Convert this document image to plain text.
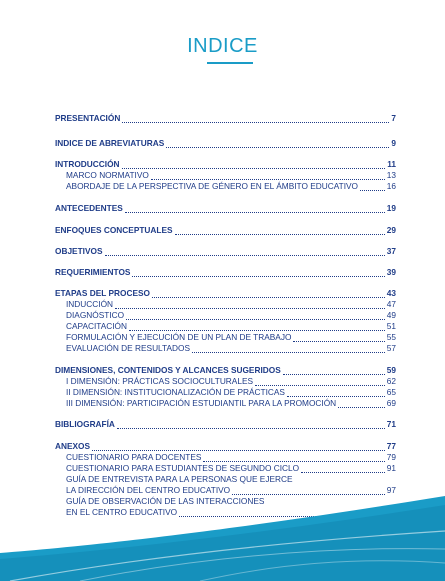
INDICE
PRESENTACIÓN	7
INDICE DE ABREVIATURAS	9
INTRODUCCIÓN	11
MARCO NORMATIVO	13
ABORDAJE DE LA PERSPECTIVA DE GÉNERO EN EL ÁMBITO EDUCATIVO	16
ANTECEDENTES	19
ENFOQUES CONCEPTUALES	29
OBJETIVOS	37
REQUERIMIENTOS	39
ETAPAS DEL PROCESO	43
INDUCCIÓN	47
DIAGNÓSTICO	49
CAPACITACIÓN	51
FORMULACIÓN Y EJECUCIÓN DE UN PLAN DE TRABAJO	55
EVALUACIÓN DE RESULTADOS	57
DIMENSIONES, CONTENIDOS Y ALCANCES SUGERIDOS	59
I DIMENSIÓN: PRÁCTICAS SOCIOCULTURALES	62
II DIMENSIÓN: INSTITUCIONALIZACIÓN DE PRÁCTICAS	65
III DIMENSIÓN: PARTICIPACIÓN ESTUDIANTIL PARA LA PROMOCIÓN	69
BIBLIOGRAFÍA	71
ANEXOS	77
CUESTIONARIO PARA DOCENTES	79
CUESTIONARIO PARA ESTUDIANTES DE SEGUNDO CICLO	91
GUÍA DE ENTREVISTA PARA LA PERSONAS QUE EJERCE
LA DIRECCIÓN DEL CENTRO EDUCATIVO	97
GUÍA DE OBSERVACIÓN DE LAS INTERACCIONES
EN EL CENTRO EDUCATIVO
